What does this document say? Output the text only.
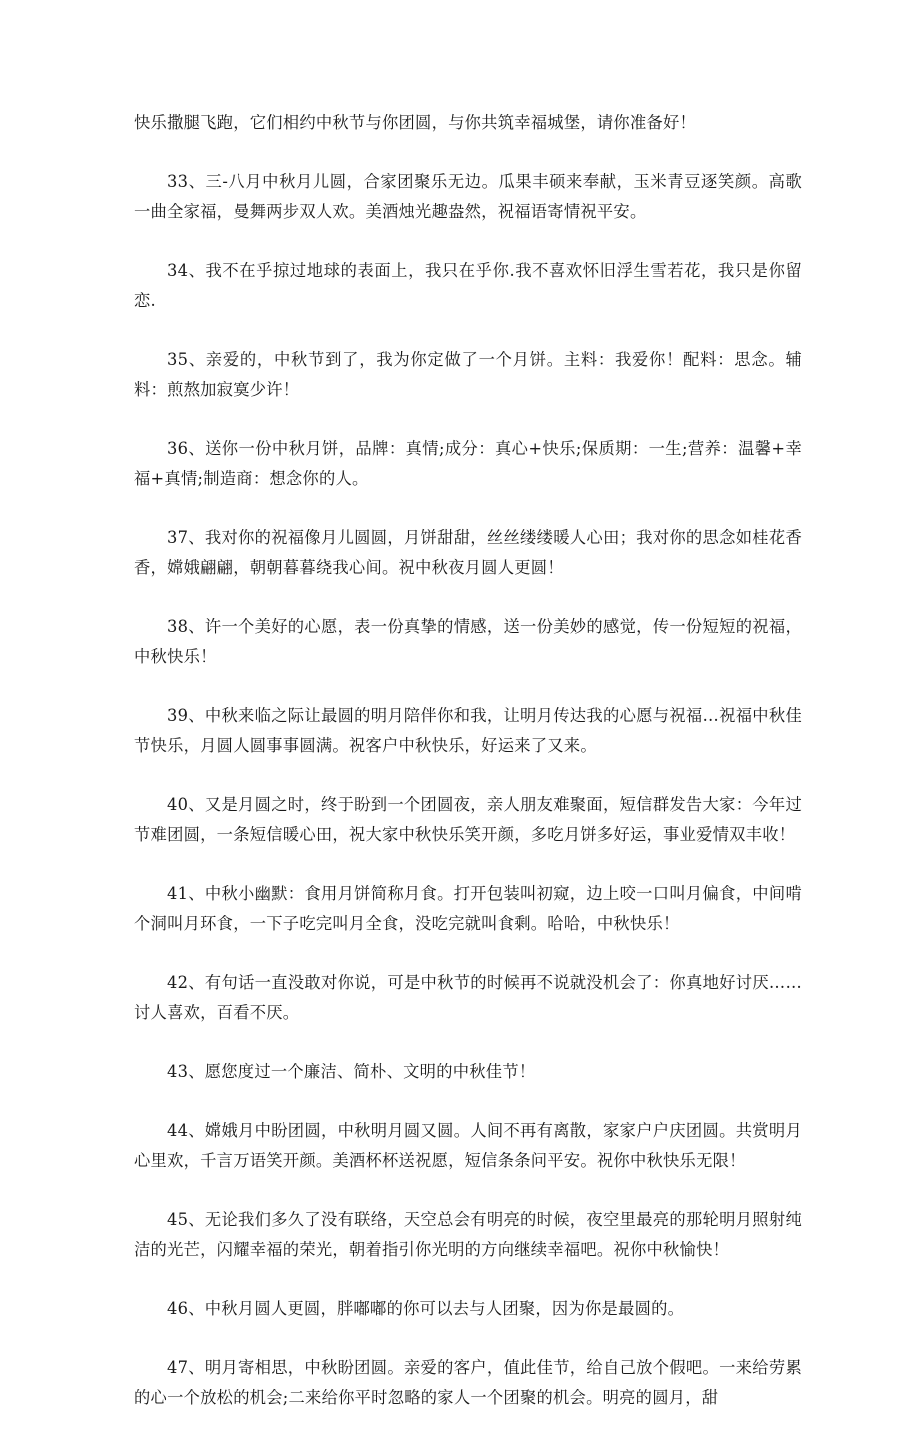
快乐撒腿飞跑，它们相约中秋节与你团圆，与你共筑幸福城堡，请你准备好！

33、三-八月中秋月儿圆，合家团聚乐无边。瓜果丰硕来奉献，玉米青豆逐笑颜。高歌一曲全家福，曼舞两步双人欢。美酒烛光趣盎然，祝福语寄情祝平安。

34、我不在乎掠过地球的表面上，我只在乎你.我不喜欢怀旧浮生雪若花，我只是你留恋.

35、亲爱的，中秋节到了，我为你定做了一个月饼。主料：我爱你！配料：思念。辅料：煎熬加寂寞少许！

36、送你一份中秋月饼，品牌：真情;成分：真心+快乐;保质期：一生;营养：温馨+幸福+真情;制造商：想念你的人。

37、我对你的祝福像月儿圆圆，月饼甜甜，丝丝缕缕暖人心田；我对你的思念如桂花香香，嫦娥翩翩，朝朝暮暮绕我心间。祝中秋夜月圆人更圆！

38、许一个美好的心愿，表一份真挚的情感，送一份美妙的感觉，传一份短短的祝福，中秋快乐！

39、中秋来临之际让最圆的明月陪伴你和我，让明月传达我的心愿与祝福…祝福中秋佳节快乐，月圆人圆事事圆满。祝客户中秋快乐，好运来了又来。

40、又是月圆之时，终于盼到一个团圆夜，亲人朋友难聚面，短信群发告大家：今年过节难团圆，一条短信暖心田，祝大家中秋快乐笑开颜，多吃月饼多好运，事业爱情双丰收！

41、中秋小幽默：食用月饼简称月食。打开包装叫初窥，边上咬一口叫月偏食，中间啃个洞叫月环食，一下子吃完叫月全食，没吃完就叫食剩。哈哈，中秋快乐！

42、有句话一直没敢对你说，可是中秋节的时候再不说就没机会了：你真地好讨厌……讨人喜欢，百看不厌。

43、愿您度过一个廉洁、简朴、文明的中秋佳节！

44、嫦娥月中盼团圆，中秋明月圆又圆。人间不再有离散，家家户户庆团圆。共赏明月心里欢，千言万语笑开颜。美酒杯杯送祝愿，短信条条问平安。祝你中秋快乐无限！

45、无论我们多久了没有联络，天空总会有明亮的时候，夜空里最亮的那轮明月照射纯洁的光芒，闪耀幸福的荣光，朝着指引你光明的方向继续幸福吧。祝你中秋愉快！

46、中秋月圆人更圆，胖嘟嘟的你可以去与人团聚，因为你是最圆的。

47、明月寄相思，中秋盼团圆。亲爱的客户，值此佳节，给自己放个假吧。一来给劳累的心一个放松的机会;二来给你平时忽略的家人一个团聚的机会。明亮的圆月，甜
